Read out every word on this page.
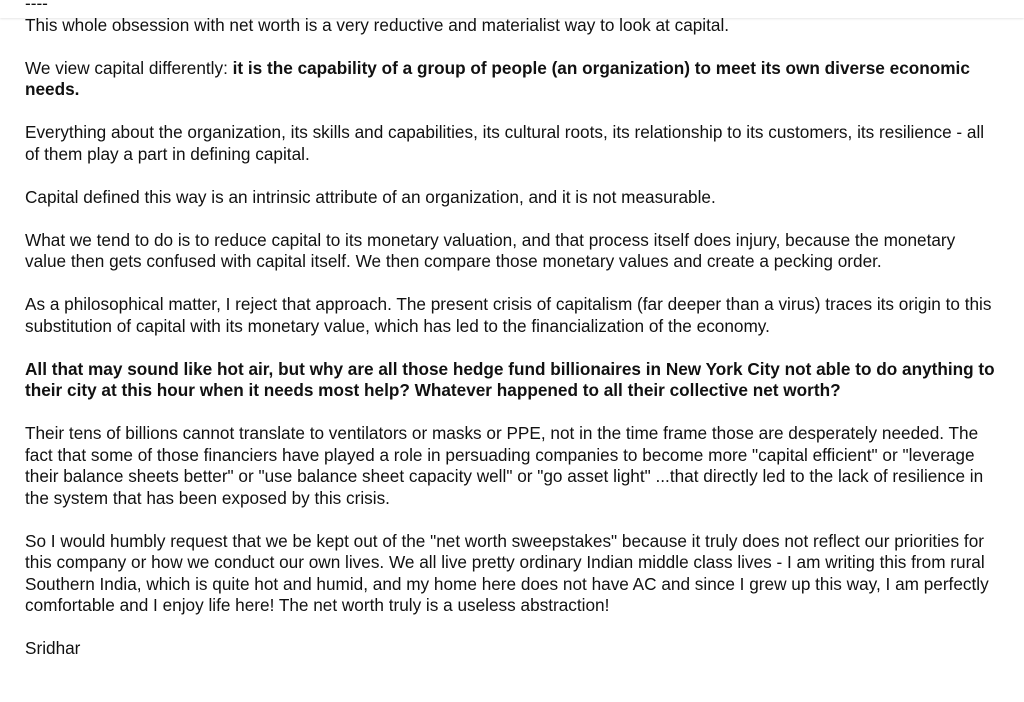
----

This whole obsession with net worth is a very reductive and materialist way to look at capital.

We view capital differently: it is the capability of a group of people (an organization) to meet its own diverse economic needs.

Everything about the organization, its skills and capabilities, its cultural roots, its relationship to its customers, its resilience - all of them play a part in defining capital.

Capital defined this way is an intrinsic attribute of an organization, and it is not measurable.

What we tend to do is to reduce capital to its monetary valuation, and that process itself does injury, because the monetary value then gets confused with capital itself. We then compare those monetary values and create a pecking order.

As a philosophical matter, I reject that approach. The present crisis of capitalism (far deeper than a virus) traces its origin to this substitution of capital with its monetary value, which has led to the financialization of the economy.

All that may sound like hot air, but why are all those hedge fund billionaires in New York City not able to do anything to their city at this hour when it needs most help? Whatever happened to all their collective net worth?

Their tens of billions cannot translate to ventilators or masks or PPE, not in the time frame those are desperately needed. The fact that some of those financiers have played a role in persuading companies to become more "capital efficient" or "leverage their balance sheets better" or "use balance sheet capacity well" or "go asset light" ...that directly led to the lack of resilience in the system that has been exposed by this crisis.

So I would humbly request that we be kept out of the "net worth sweepstakes" because it truly does not reflect our priorities for this company or how we conduct our own lives. We all live pretty ordinary Indian middle class lives - I am writing this from rural Southern India, which is quite hot and humid, and my home here does not have AC and since I grew up this way, I am perfectly comfortable and I enjoy life here! The net worth truly is a useless abstraction!

Sridhar
